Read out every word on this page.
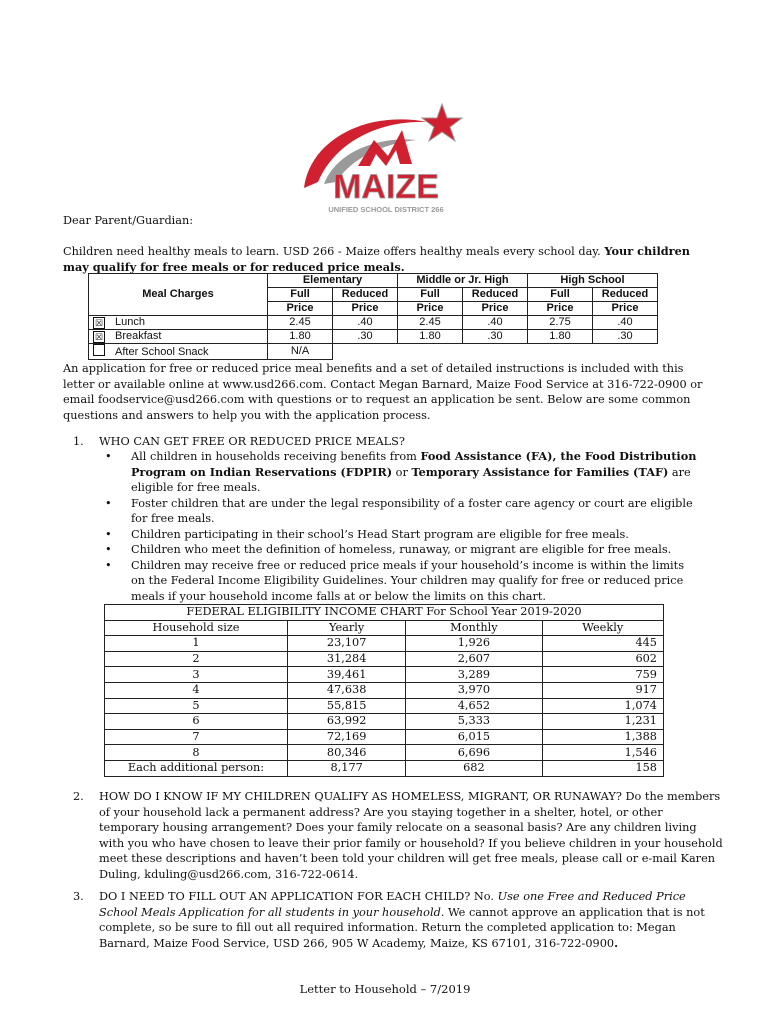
MAIZE
UNIFIED SCHOOL DISTRICT 266
Dear Parent/Guardian:
Children need healthy meals to learn. USD 266 - Maize offers healthy meals every school day. Your children may qualify for free meals or for reduced price meals.
Meal Charges	Elementary		Middle or Jr. High		High School	
	Full	Reduced	Full	Reduced	Full	Reduced
	Price	Price	Price	Price	Price	Price
☒ Lunch	2.45	.40	2.45	.40	2.75	.40
☒ Breakfast	1.80	.30	1.80	.30	1.80	.30
After School Snack	N/A					
An application for free or reduced price meal benefits and a set of detailed instructions is included with this letter or available online at www.usd266.com. Contact Megan Barnard, Maize Food Service at 316-722-0900 or email foodservice@usd266.com with questions or to request an application be sent. Below are some common questions and answers to help you with the application process.
1. WHO CAN GET FREE OR REDUCED PRICE MEALS?
• All children in households receiving benefits from Food Assistance (FA), the Food Distribution Program on Indian Reservations (FDPIR) or Temporary Assistance for Families (TAF) are eligible for free meals.
• Foster children that are under the legal responsibility of a foster care agency or court are eligible for free meals.
• Children participating in their school’s Head Start program are eligible for free meals.
• Children who meet the definition of homeless, runaway, or migrant are eligible for free meals.
• Children may receive free or reduced price meals if your household’s income is within the limits on the Federal Income Eligibility Guidelines. Your children may qualify for free or reduced price meals if your household income falls at or below the limits on this chart.
FEDERAL ELIGIBILITY INCOME CHART For School Year 2019-2020			
Household size	Yearly	Monthly	Weekly
1	23,107	1,926	445
2	31,284	2,607	602
3	39,461	3,289	759
4	47,638	3,970	917
5	55,815	4,652	1,074
6	63,992	5,333	1,231
7	72,169	6,015	1,388
8	80,346	6,696	1,546
Each additional person:	8,177	682	158
2. HOW DO I KNOW IF MY CHILDREN QUALIFY AS HOMELESS, MIGRANT, OR RUNAWAY? Do the members of your household lack a permanent address? Are you staying together in a shelter, hotel, or other temporary housing arrangement? Does your family relocate on a seasonal basis? Are any children living with you who have chosen to leave their prior family or household? If you believe children in your household meet these descriptions and haven’t been told your children will get free meals, please call or e-mail Karen Duling, kduling@usd266.com, 316-722-0614.
3. DO I NEED TO FILL OUT AN APPLICATION FOR EACH CHILD? No. Use one Free and Reduced Price School Meals Application for all students in your household. We cannot approve an application that is not complete, so be sure to fill out all required information. Return the completed application to: Megan Barnard, Maize Food Service, USD 266, 905 W Academy, Maize, KS 67101, 316-722-0900.
Letter to Household – 7/2019
